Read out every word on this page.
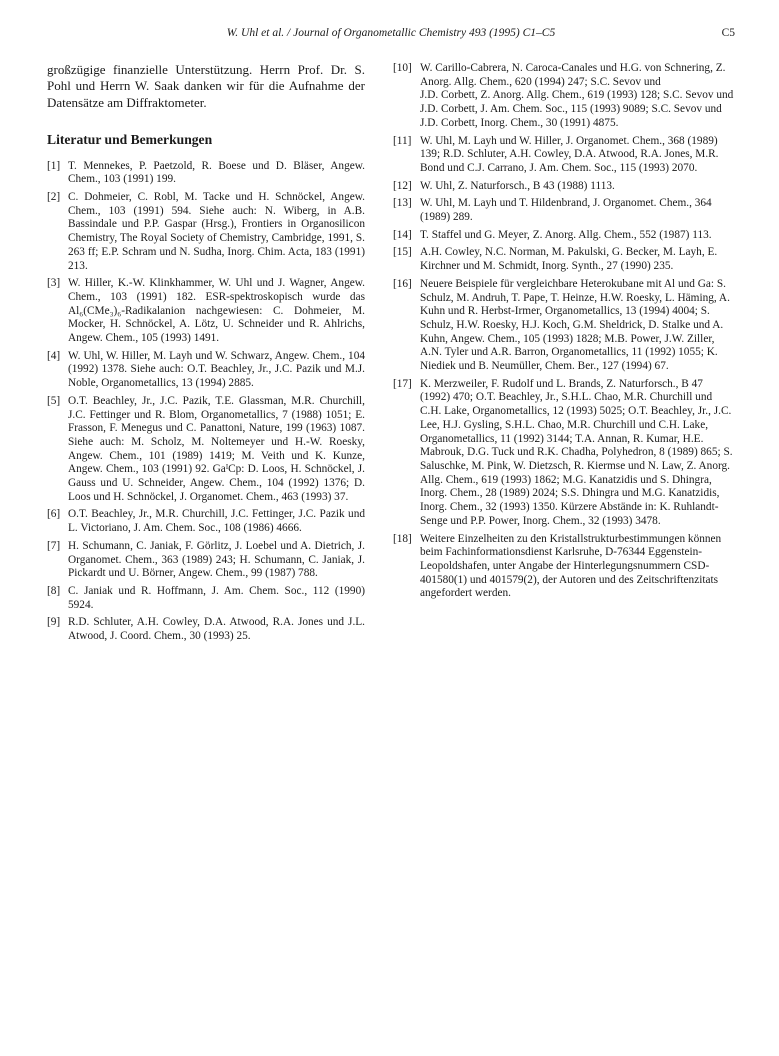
W. Uhl et al. / Journal of Organometallic Chemistry 493 (1995) C1–C5	C5

großzügige finanzielle Unterstützung. Herrn Prof. Dr. S. Pohl und Herrn W. Saak danken wir für die Aufnahme der Datensätze am Diffraktometer.

Literatur und Bemerkungen
[1] T. Mennekes, P. Paetzold, R. Boese und D. Bläser, Angew. Chem., 103 (1991) 199.
[2] C. Dohmeier, C. Robl, M. Tacke und H. Schnöckel, Angew. Chem., 103 (1991) 594. Siehe auch: N. Wiberg, in A.B. Bassindale und P.P. Gaspar (Hrsg.), Frontiers in Organosilicon Chemistry, The Royal Society of Chemistry, Cambridge, 1991, S. 263 ff; E.P. Schram und N. Sudha, Inorg. Chim. Acta, 183 (1991) 213.
[3] W. Hiller, K.-W. Klinkhammer, W. Uhl und J. Wagner, Angew. Chem., 103 (1991) 182. ESR-spektroskopisch wurde das Al₆(CMe₃)₆-Radikalanion nachgewiesen: C. Dohmeier, M. Mocker, H. Schnöckel, A. Lötz, U. Schneider und R. Ahlrichs, Angew. Chem., 105 (1993) 1491.
[4] W. Uhl, W. Hiller, M. Layh und W. Schwarz, Angew. Chem., 104 (1992) 1378. Siehe auch: O.T. Beachley, Jr., J.C. Pazik und M.J. Noble, Organometallics, 13 (1994) 2885.
[5] O.T. Beachley, Jr., J.C. Pazik, T.E. Glassman, M.R. Churchill, J.C. Fettinger und R. Blom, Organometallics, 7 (1988) 1051; E. Frasson, F. Menegus und C. Panattoni, Nature, 199 (1963) 1087. Siehe auch: M. Scholz, M. Noltemeyer und H.-W. Roesky, Angew. Chem., 101 (1989) 1419; M. Veith und K. Kunze, Angew. Chem., 103 (1991) 92. GaᴵCp: D. Loos, H. Schnöckel, J. Gauss und U. Schneider, Angew. Chem., 104 (1992) 1376; D. Loos und H. Schnöckel, J. Organomet. Chem., 463 (1993) 37.
[6] O.T. Beachley, Jr., M.R. Churchill, J.C. Fettinger, J.C. Pazik und L. Victoriano, J. Am. Chem. Soc., 108 (1986) 4666.
[7] H. Schumann, C. Janiak, F. Görlitz, J. Loebel und A. Dietrich, J. Organomet. Chem., 363 (1989) 243; H. Schumann, C. Janiak, J. Pickardt und U. Börner, Angew. Chem., 99 (1987) 788.
[8] C. Janiak und R. Hoffmann, J. Am. Chem. Soc., 112 (1990) 5924.
[9] R.D. Schluter, A.H. Cowley, D.A. Atwood, R.A. Jones und J.L. Atwood, J. Coord. Chem., 30 (1993) 25.
[10] W. Carillo-Cabrera, N. Caroca-Canales und H.G. von Schnering, Z. Anorg. Allg. Chem., 620 (1994) 247; S.C. Sevov und
J.D. Corbett, Z. Anorg. Allg. Chem., 619 (1993) 128; S.C. Sevov und J.D. Corbett, J. Am. Chem. Soc., 115 (1993) 9089; S.C. Sevov und J.D. Corbett, Inorg. Chem., 30 (1991) 4875.
[11] W. Uhl, M. Layh und W. Hiller, J. Organomet. Chem., 368 (1989) 139; R.D. Schluter, A.H. Cowley, D.A. Atwood, R.A. Jones, M.R. Bond und C.J. Carrano, J. Am. Chem. Soc., 115 (1993) 2070.
[12] W. Uhl, Z. Naturforsch., B 43 (1988) 1113.
[13] W. Uhl, M. Layh und T. Hildenbrand, J. Organomet. Chem., 364 (1989) 289.
[14] T. Staffel und G. Meyer, Z. Anorg. Allg. Chem., 552 (1987) 113.
[15] A.H. Cowley, N.C. Norman, M. Pakulski, G. Becker, M. Layh, E. Kirchner und M. Schmidt, Inorg. Synth., 27 (1990) 235.
[16] Neuere Beispiele für vergleichbare Heterokubane mit Al und Ga: S. Schulz, M. Andruh, T. Pape, T. Heinze, H.W. Roesky, L. Häming, A. Kuhn und R. Herbst-Irmer, Organometallics, 13 (1994) 4004; S. Schulz, H.W. Roesky, H.J. Koch, G.M. Sheldrick, D. Stalke und A. Kuhn, Angew. Chem., 105 (1993) 1828; M.B. Power, J.W. Ziller, A.N. Tyler und A.R. Barron, Organometallics, 11 (1992) 1055; K. Niediek und B. Neumüller, Chem. Ber., 127 (1994) 67.
[17] K. Merzweiler, F. Rudolf und L. Brands, Z. Naturforsch., B 47 (1992) 470; O.T. Beachley, Jr., S.H.L. Chao, M.R. Churchill und C.H. Lake, Organometallics, 12 (1993) 5025; O.T. Beachley, Jr., J.C. Lee, H.J. Gysling, S.H.L. Chao, M.R. Churchill und C.H. Lake, Organometallics, 11 (1992) 3144; T.A. Annan, R. Kumar, H.E. Mabrouk, D.G. Tuck und R.K. Chadha, Polyhedron, 8 (1989) 865; S. Saluschke, M. Pink, W. Dietzsch, R. Kiermse und N. Law, Z. Anorg. Allg. Chem., 619 (1993) 1862; M.G. Kanatzidis und S. Dhingra, Inorg. Chem., 28 (1989) 2024; S.S. Dhingra und M.G. Kanatzidis, Inorg. Chem., 32 (1993) 1350. Kürzere Abstände in: K. Ruhlandt-Senge und P.P. Power, Inorg. Chem., 32 (1993) 3478.
[18] Weitere Einzelheiten zu den Kristallstrukturbestimmungen können beim Fachinformationsdienst Karlsruhe, D-76344 Eggenstein-Leopoldshafen, unter Angabe der Hinterlegungsnummern CSD-401580(1) und 401579(2), der Autoren und des Zeitschriftenzitats angefordert werden.
